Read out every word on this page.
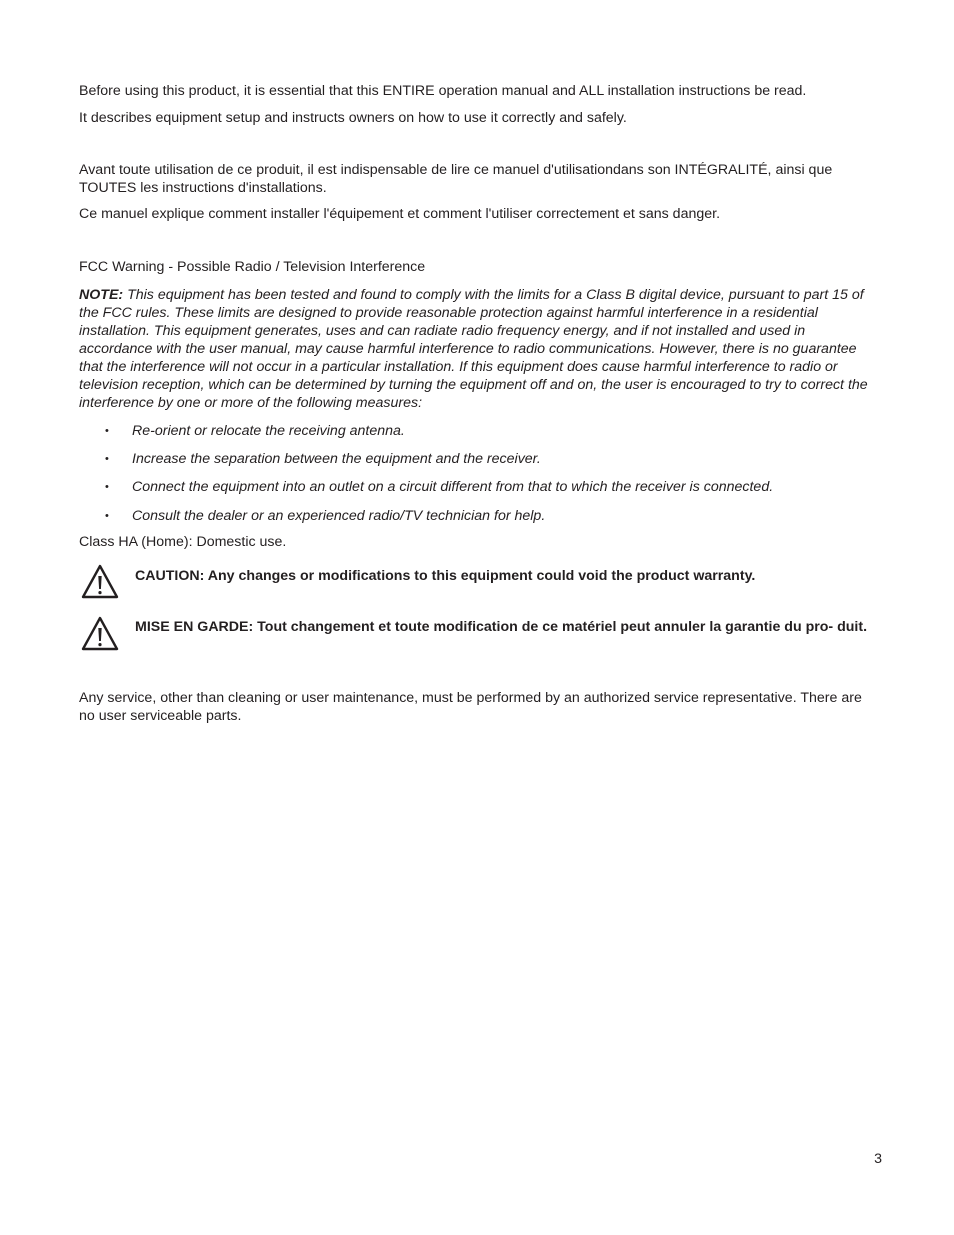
Before using this product, it is essential that this ENTIRE operation manual and ALL installation instructions be read.

It describes equipment setup and instructs owners on how to use it correctly and safely.

Avant toute utilisation de ce produit, il est indispensable de lire ce manuel d'utilisationdans son INTÉGRALITÉ, ainsi que TOUTES les instructions d'installations.

Ce manuel explique comment installer l'équipement et comment l'utiliser correctement et sans danger.

FCC Warning - Possible Radio / Television Interference

NOTE: This equipment has been tested and found to comply with the limits for a Class B digital device, pursuant to part 15 of the FCC rules. These limits are designed to provide reasonable protection against harmful interference in a residential installation. This equipment generates, uses and can radiate radio frequency energy, and if not installed and used in accordance with the user manual, may cause harmful interference to radio communications. However, there is no guarantee that the interference will not occur in a particular installation. If this equipment does cause harmful interference to radio or television reception, which can be determined by turning the equipment off and on, the user is encouraged to try to correct the interference by one or more of the following measures:

• Re-orient or relocate the receiving antenna.
• Increase the separation between the equipment and the receiver.
• Connect the equipment into an outlet on a circuit different from that to which the receiver is connected.
• Consult the dealer or an experienced radio/TV technician for help.

Class HA (Home): Domestic use.

CAUTION: Any changes or modifications to this equipment could void the product warranty.
MISE EN GARDE: Tout changement et toute modification de ce matériel peut annuler la garantie du pro- duit.

Any service, other than cleaning or user maintenance, must be performed by an authorized service representative. There are no user serviceable parts.

3
